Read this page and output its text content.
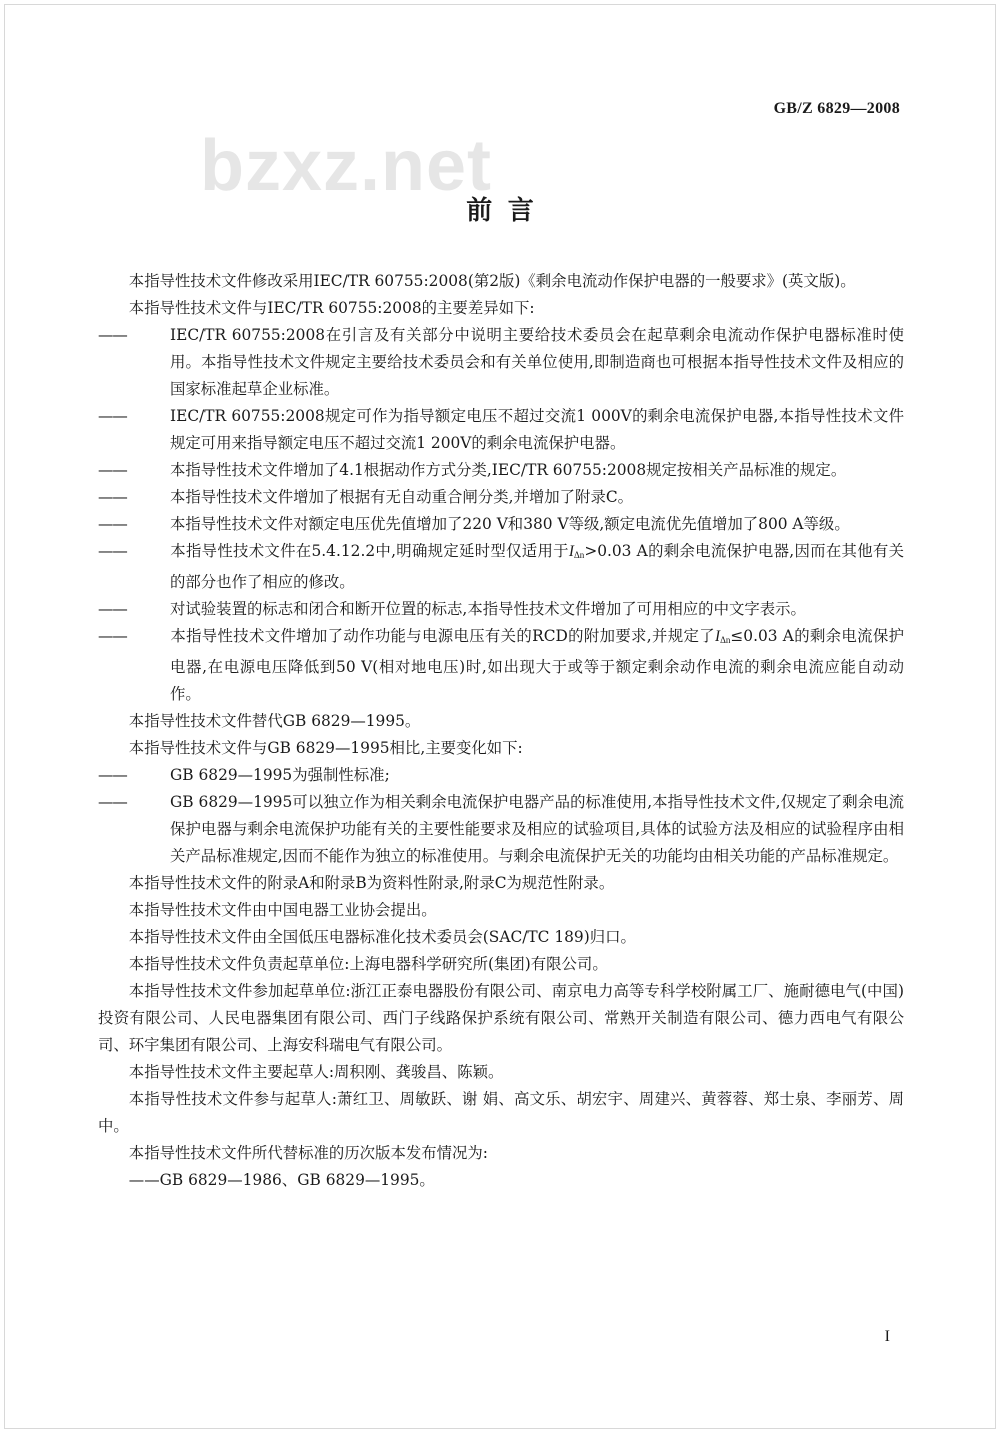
GB/Z 6829—2008
bzxz.net
前言

本指导性技术文件修改采用IEC/TR 60755:2008(第2版)《剩余电流动作保护电器的一般要求》(英文版)。

本指导性技术文件与IEC/TR 60755:2008的主要差异如下:

——	IEC/TR 60755:2008在引言及有关部分中说明主要给技术委员会在起草剩余电流动作保护电器标准时使用。本指导性技术文件规定主要给技术委员会和有关单位使用,即制造商也可根据本指导性技术文件及相应的国家标准起草企业标准。

——	IEC/TR 60755:2008规定可作为指导额定电压不超过交流1 000V的剩余电流保护电器,本指导性技术文件规定可用来指导额定电压不超过交流1 200V的剩余电流保护电器。

——	本指导性技术文件增加了4.1根据动作方式分类,IEC/TR 60755:2008规定按相关产品标准的规定。

——	本指导性技术文件增加了根据有无自动重合闸分类,并增加了附录C。

——	本指导性技术文件对额定电压优先值增加了220 V和380 V等级,额定电流优先值增加了800 A等级。

——	本指导性技术文件在5.4.12.2中,明确规定延时型仅适用于$I_{\Delta n}>0.03$ A的剩余电流保护电器,因而在其他有关的部分也作了相应的修改。

——	对试验装置的标志和闭合和断开位置的标志,本指导性技术文件增加了可用相应的中文字表示。

——	本指导性技术文件增加了动作功能与电源电压有关的RCD的附加要求,并规定了$I_{\Delta n}\le 0.03$ A的剩余电流保护电器,在电源电压降低到50 V(相对地电压)时,如出现大于或等于额定剩余动作电流的剩余电流应能自动动作。

本指导性技术文件替代GB 6829—1995。

本指导性技术文件与GB 6829—1995相比,主要变化如下:

——	GB 6829—1995为强制性标准;

——	GB 6829—1995可以独立作为相关剩余电流保护电器产品的标准使用,本指导性技术文件,仅规定了剩余电流保护电器与剩余电流保护功能有关的主要性能要求及相应的试验项目,具体的试验方法及相应的试验程序由相关产品标准规定,因而不能作为独立的标准使用。与剩余电流保护无关的功能均由相关功能的产品标准规定。

本指导性技术文件的附录A和附录B为资料性附录,附录C为规范性附录。

本指导性技术文件由中国电器工业协会提出。

本指导性技术文件由全国低压电器标准化技术委员会(SAC/TC 189)归口。

本指导性技术文件负责起草单位:上海电器科学研究所(集团)有限公司。

本指导性技术文件参加起草单位:浙江正泰电器股份有限公司、南京电力高等专科学校附属工厂、施耐德电气(中国)投资有限公司、人民电器集团有限公司、西门子线路保护系统有限公司、常熟开关制造有限公司、德力西电气有限公司、环宇集团有限公司、上海安科瑞电气有限公司。

本指导性技术文件主要起草人:周积刚、龚骏昌、陈颖。

本指导性技术文件参与起草人:萧红卫、周敏跃、谢 娟、高文乐、胡宏宇、周建兴、黄蓉蓉、郑士泉、李丽芳、周中。

本指导性技术文件所代替标准的历次版本发布情况为:

——GB 6829—1986、GB 6829—1995。

I
